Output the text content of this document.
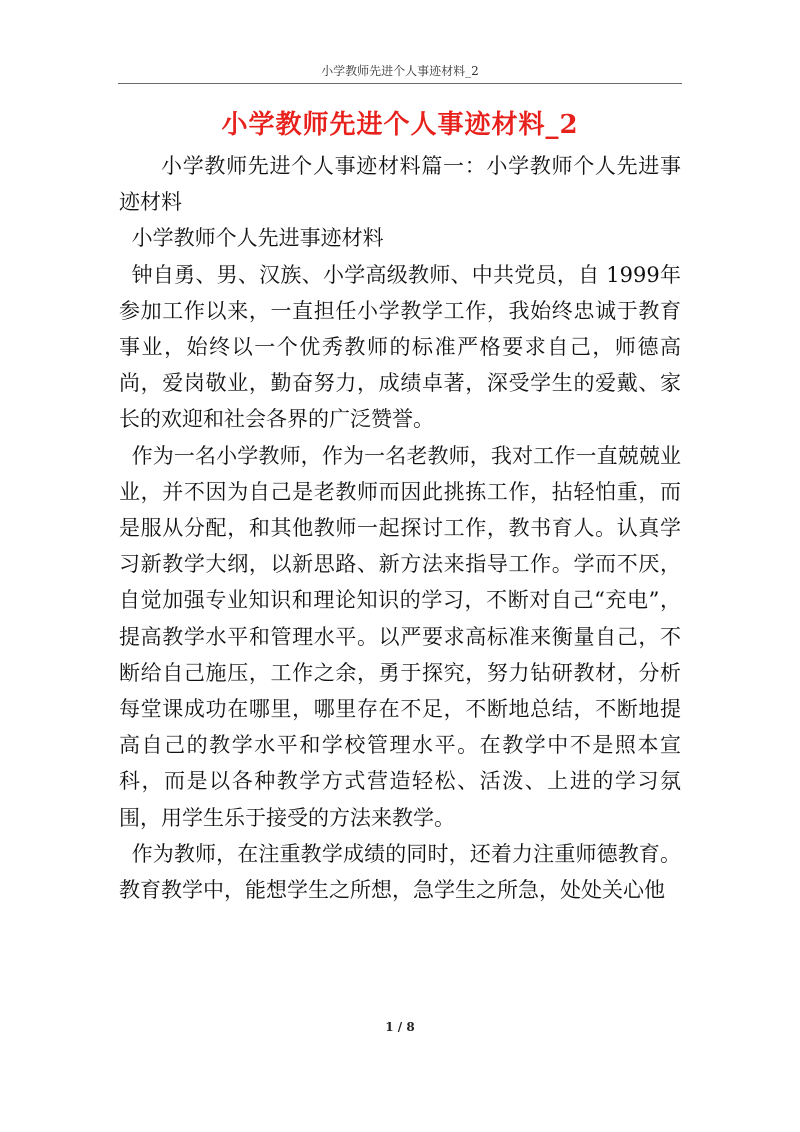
小学教师先进个人事迹材料_2
小学教师先进个人事迹材料_2

小学教师先进个人事迹材料篇一：小学教师个人先进事迹材料

小学教师个人先进事迹材料

钟自勇、男、汉族、小学高级教师、中共党员，自 1999年参加工作以来，一直担任小学教学工作，我始终忠诚于教育事业，始终以一个优秀教师的标准严格要求自己，师德高尚，爱岗敬业，勤奋努力，成绩卓著，深受学生的爱戴、家长的欢迎和社会各界的广泛赞誉。

作为一名小学教师，作为一名老教师，我对工作一直兢兢业业，并不因为自己是老教师而因此挑拣工作，拈轻怕重，而是服从分配，和其他教师一起探讨工作，教书育人。认真学习新教学大纲，以新思路、新方法来指导工作。学而不厌，自觉加强专业知识和理论知识的学习，不断对自己“充电”，提高教学水平和管理水平。以严要求高标准来衡量自己，不断给自己施压，工作之余，勇于探究，努力钻研教材，分析每堂课成功在哪里，哪里存在不足，不断地总结，不断地提高自己的教学水平和学校管理水平。在教学中不是照本宣科，而是以各种教学方式营造轻松、活泼、上进的学习氛围，用学生乐于接受的方法来教学。

作为教师，在注重教学成绩的同时，还着力注重师德教育。教育教学中，能想学生之所想，急学生之所急，处处关心他

1 / 8
